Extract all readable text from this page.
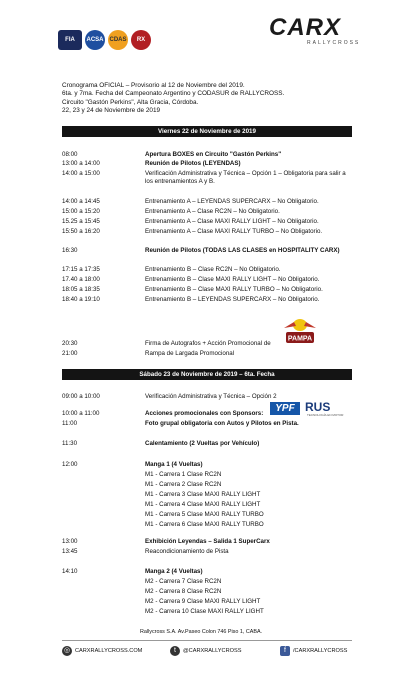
FIA	ACSA CDAS	RX	CARX
RALLYCROSS
Cronograma OFICIAL – Provisorio al 12 de Noviembre del 2019.
6ta. y 7ma. Fecha del Campeonato Argentino y CODASUR de RALLYCROSS.
Circuito "Gastón Perkins", Alta Gracia, Córdoba.
22, 23 y 24 de Noviembre de 2019
Viernes 22 de Noviembre de 2019
08:00	Apertura BOXES en Circuito "Gastón Perkins"
13:00 a 14:00	Reunión de Pilotos (LEYENDAS)
14:00 a 15:00	Verificación Administrativa y Técnica – Opción 1 – Obligatoria para salir a los entrenamientos A y B.
14:00 a 14:45	Entrenamiento A – LEYENDAS SUPERCARX – No Obligatorio.
15:00 a 15:20	Entrenamiento A – Clase RC2N – No Obligatorio.
15.25 a 15:45	Entrenamiento A – Clase MAXI RALLY LIGHT – No Obligatorio.
15:50 a 16:20	Entrenamiento A – Clase MAXI RALLY TURBO – No Obligatorio.
16:30	Reunión de Pilotos (TODAS LAS CLASES en HOSPITALITY CARX)
17:15 a 17:35	Entrenamiento B – Clase RC2N – No Obligatorio.
17.40 a 18:00	Entrenamiento B – Clase MAXI RALLY LIGHT – No Obligatorio.
18:05 a 18:35	Entrenamiento B – Clase MAXI RALLY TURBO – No Obligatorio.
18:40 a 19:10	Entrenamiento B – LEYENDAS SUPERCARX – No Obligatorio.
PAMPA
20:30	Firma de Autografos + Acción Promocional de
21:00	Rampa de Largada Promocional
Sábado 23 de Noviembre de 2019 – 6ta. Fecha
09:00 a 10:00	Verificación Administrativa y Técnica – Opción 2
10:00 a 11:00	Acciones promocionales con Sponsors:	YPF RUS
TECNOLOGÍA EN MOTOR
11:00	Foto grupal obligatoria con Autos y Pilotos en Pista.
11:30	Calentamiento (2 Vueltas por Vehículo)
12:00	Manga 1 (4 Vueltas)
M1 - Carrera 1 Clase RC2N
M1 - Carrera 2 Clase RC2N
M1 - Carrera 3 Clase MAXI RALLY LIGHT
M1 - Carrera 4 Clase MAXI RALLY LIGHT
M1 - Carrera 5 Clase MAXI RALLY TURBO
M1 - Carrera 6 Clase MAXI RALLY TURBO
13:00	Exhibición Leyendas – Salida 1 SuperCarx
13:45	Reacondicionamiento de Pista
14:10	Manga 2 (4 Vueltas)
M2 - Carrera 7 Clase RC2N
M2 - Carrera 8 Clase RC2N
M2 - Carrera 9 Clase MAXI RALLY LIGHT
M2 - Carrera 10 Clase MAXI RALLY LIGHT
Rallycross S.A. Av.Paseo Colon 746 Piso 1, CABA.
◎ CARXRALLYCROSS.COM	t	@CARXRALLYCROSS	f	/CARXRALLYCROSS
